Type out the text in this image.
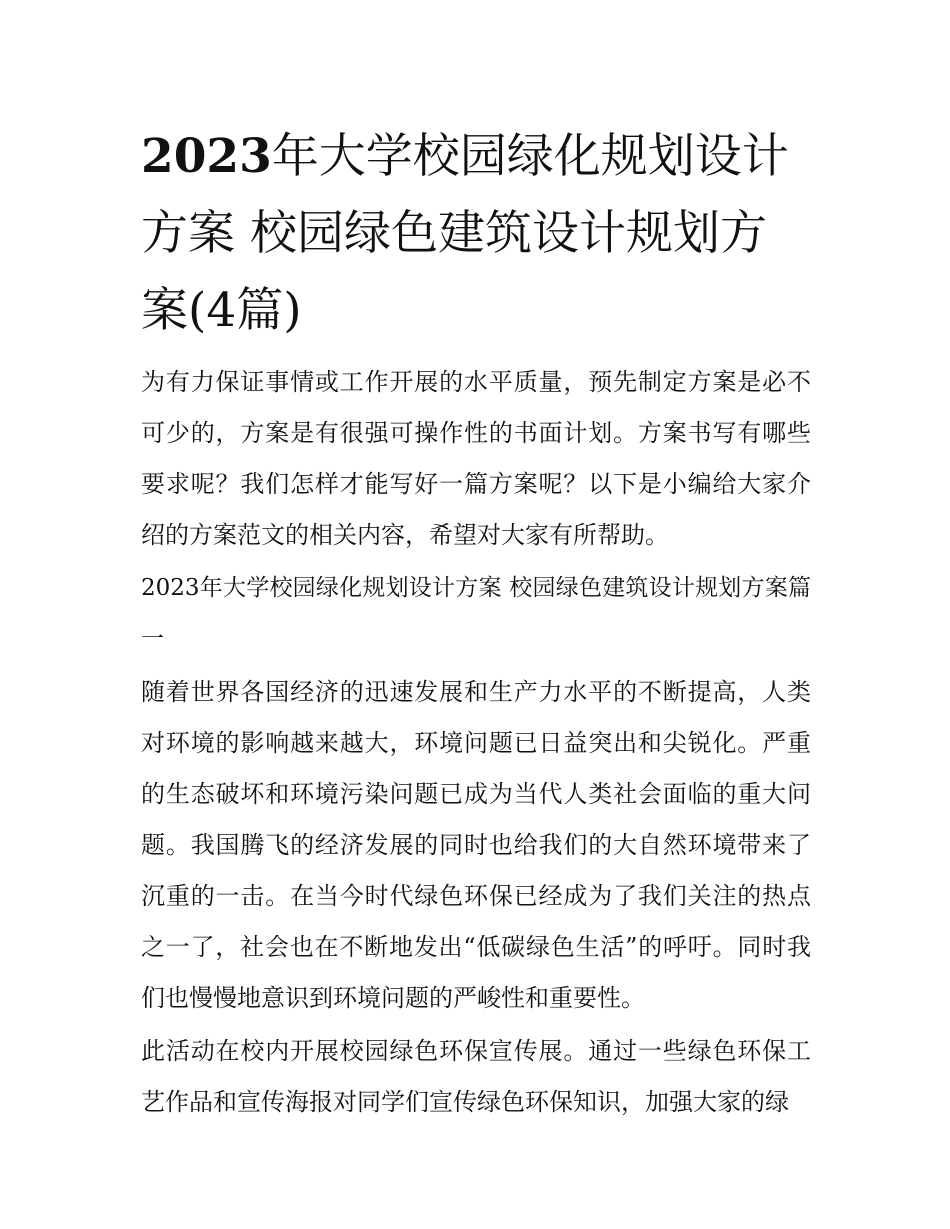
2023年大学校园绿化规划设计方案 校园绿色建筑设计规划方案(4篇)

为有力保证事情或工作开展的水平质量，预先制定方案是必不可少的，方案是有很强可操作性的书面计划。方案书写有哪些要求呢？我们怎样才能写好一篇方案呢？以下是小编给大家介绍的方案范文的相关内容，希望对大家有所帮助。

2023年大学校园绿化规划设计方案 校园绿色建筑设计规划方案篇一

随着世界各国经济的迅速发展和生产力水平的不断提高，人类对环境的影响越来越大，环境问题已日益突出和尖锐化。严重的生态破坏和环境污染问题已成为当代人类社会面临的重大问题。我国腾飞的经济发展的同时也给我们的大自然环境带来了沉重的一击。在当今时代绿色环保已经成为了我们关注的热点之一了，社会也在不断地发出“低碳绿色生活”的呼吁。同时我们也慢慢地意识到环境问题的严峻性和重要性。

此活动在校内开展校园绿色环保宣传展。通过一些绿色环保工艺作品和宣传海报对同学们宣传绿色环保知识，加强大家的绿
